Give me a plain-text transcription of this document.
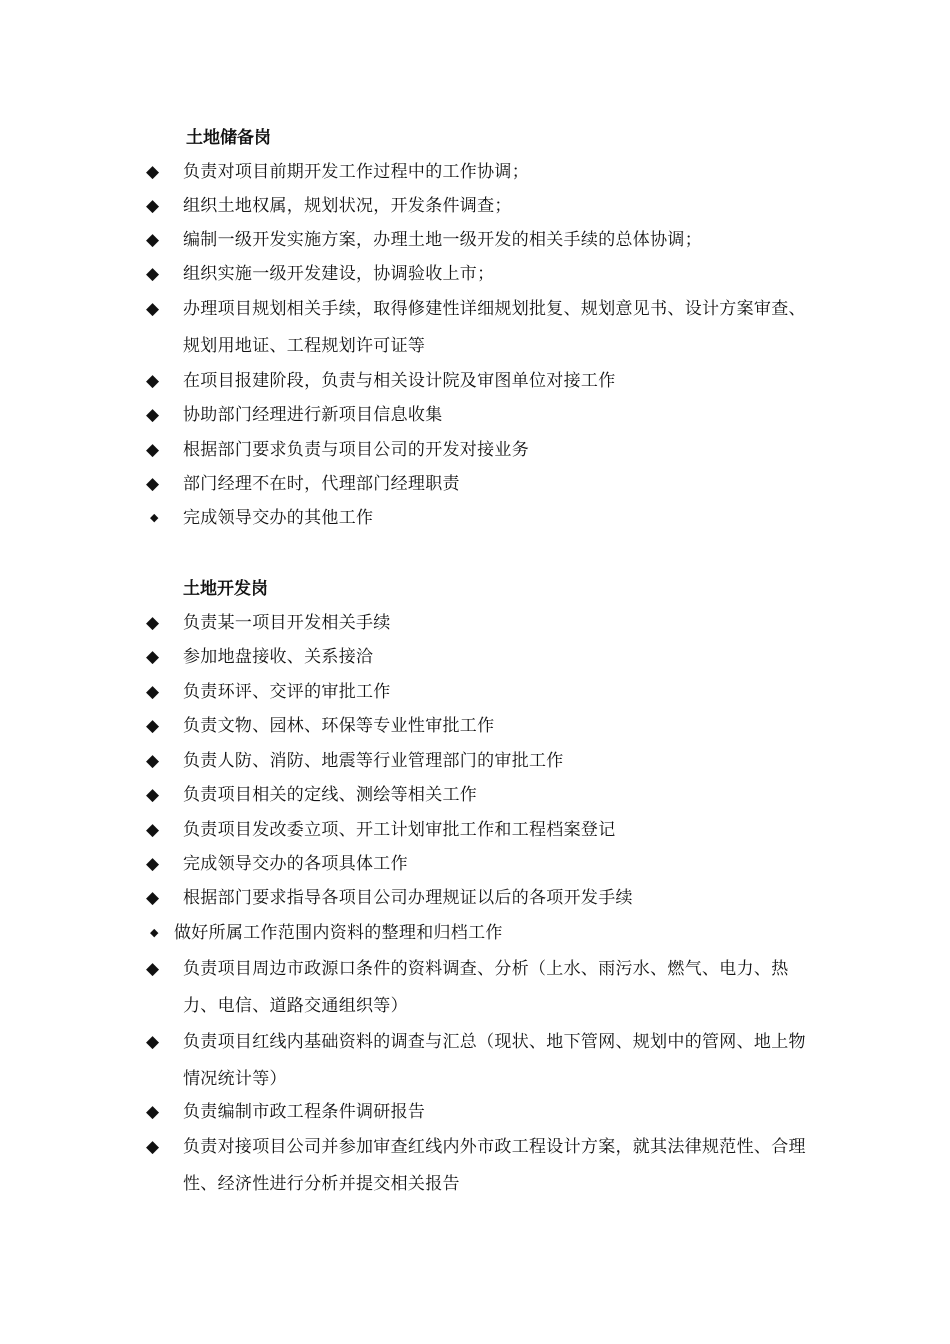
土地储备岗
◆ 负责对项目前期开发工作过程中的工作协调；
◆ 组织土地权属，规划状况，开发条件调查；
◆ 编制一级开发实施方案，办理土地一级开发的相关手续的总体协调；
◆ 组织实施一级开发建设，协调验收上市；
◆ 办理项目规划相关手续，取得修建性详细规划批复、规划意见书、设计方案审查、规划用地证、工程规划许可证等
◆ 在项目报建阶段，负责与相关设计院及审图单位对接工作
◆ 协助部门经理进行新项目信息收集
◆ 根据部门要求负责与项目公司的开发对接业务
◆ 部门经理不在时，代理部门经理职责
◆ 完成领导交办的其他工作
土地开发岗
◆ 负责某一项目开发相关手续
◆ 参加地盘接收、关系接洽
◆ 负责环评、交评的审批工作
◆ 负责文物、园林、环保等专业性审批工作
◆ 负责人防、消防、地震等行业管理部门的审批工作
◆ 负责项目相关的定线、测绘等相关工作
◆ 负责项目发改委立项、开工计划审批工作和工程档案登记
◆ 完成领导交办的各项具体工作
◆ 根据部门要求指导各项目公司办理规证以后的各项开发手续
◆ 做好所属工作范围内资料的整理和归档工作
◆ 负责项目周边市政源口条件的资料调查、分析（上水、雨污水、燃气、电力、热力、电信、道路交通组织等）
◆ 负责项目红线内基础资料的调查与汇总（现状、地下管网、规划中的管网、地上物情况统计等）
◆ 负责编制市政工程条件调研报告
◆ 负责对接项目公司并参加审查红线内外市政工程设计方案，就其法律规范性、合理性、经济性进行分析并提交相关报告
